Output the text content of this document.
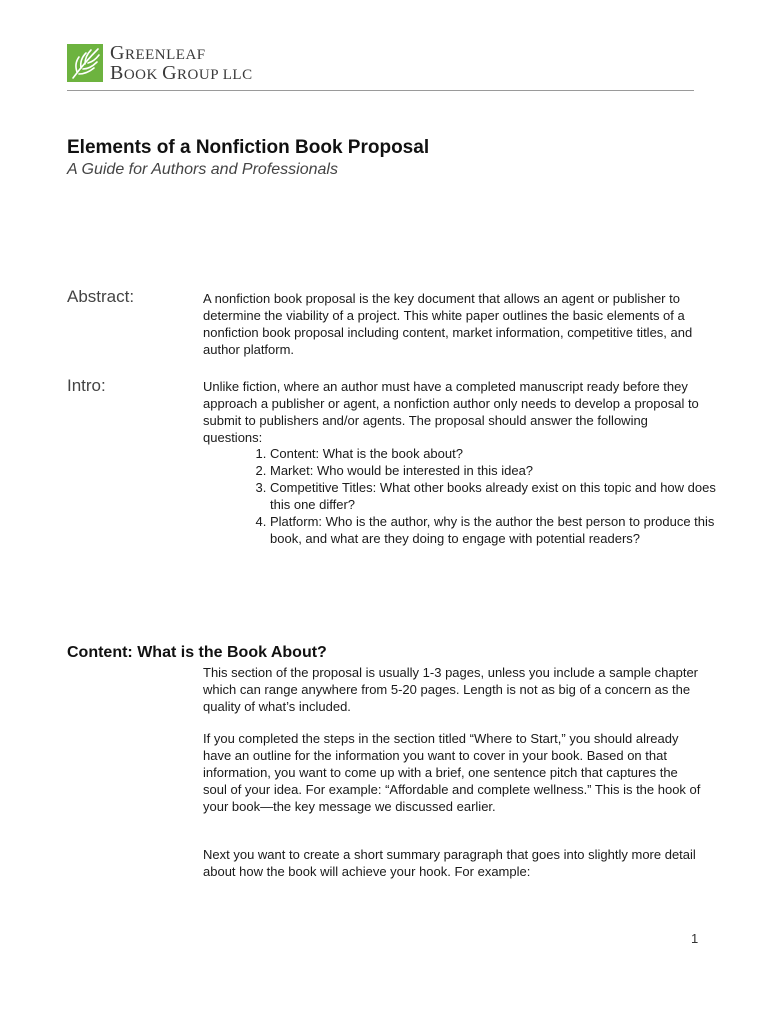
GREENLEAF
BOOK GROUP LLC
Elements of a Nonfiction Book Proposal
A Guide for Authors and Professionals
Abstract:	A nonfiction book proposal is the key document that allows an agent or publisher to determine the viability of a project. This white paper outlines the basic elements of a nonfiction book proposal including content, market information, competitive titles, and author platform.
Intro:	Unlike fiction, where an author must have a completed manuscript ready before they approach a publisher or agent, a nonfiction author only needs to develop a proposal to submit to publishers and/or agents. The proposal should answer the following questions:
1. Content: What is the book about?
2. Market: Who would be interested in this idea?
3. Competitive Titles: What other books already exist on this topic and how does this one differ?
4. Platform: Who is the author, why is the author the best person to produce this book, and what are they doing to engage with potential readers?
Content: What is the Book About?
This section of the proposal is usually 1-3 pages, unless you include a sample chapter which can range anywhere from 5-20 pages. Length is not as big of a concern as the quality of what’s included.
If you completed the steps in the section titled “Where to Start,” you should already have an outline for the information you want to cover in your book. Based on that information, you want to come up with a brief, one sentence pitch that captures the soul of your idea. For example: “Affordable and complete wellness.” This is the hook of your book—the key message we discussed earlier.
Next you want to create a short summary paragraph that goes into slightly more detail about how the book will achieve your hook. For example:
1
